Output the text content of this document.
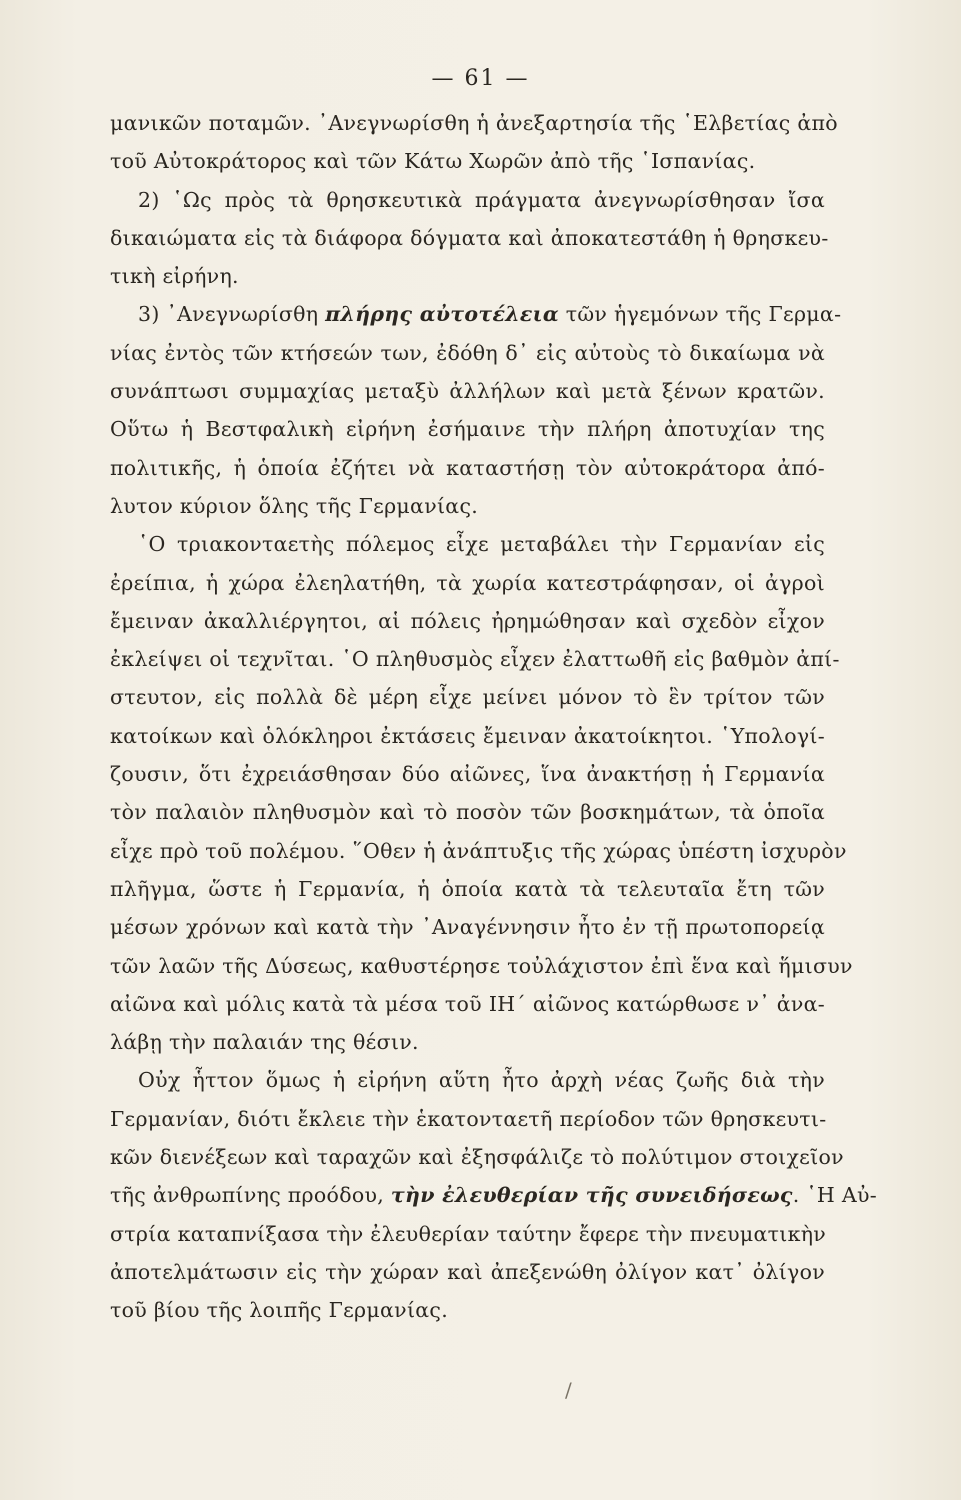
— 61 —
μανικῶν ποταμῶν. ᾿Ανεγνωρίσθη ἡ ἀνεξαρτησία τῆς ῾Ελβετίας ἀπὸ
τοῦ Αὐτοκράτορος καὶ τῶν Κάτω Χωρῶν ἀπὸ τῆς ῾Ισπανίας.
2) ῾Ως πρὸς τὰ θρησκευτικὰ πράγματα ἀνεγνωρίσθησαν ἴσα
δικαιώματα εἰς τὰ διάφορα δόγματα καὶ ἀποκατεστάθη ἡ θρησκευ-
τικὴ εἰρήνη.
3) ᾿Ανεγνωρίσθη πλήρης αὐτοτέλεια τῶν ἡγεμόνων τῆς Γερμα-
νίας ἐντὸς τῶν κτήσεών των, ἐδόθη δ᾿ εἰς αὐτοὺς τὸ δικαίωμα νὰ
συνάπτωσι συμμαχίας μεταξὺ ἀλλήλων καὶ μετὰ ξένων κρατῶν.
Οὕτω ἡ Βεστφαλικὴ εἰρήνη ἐσήμαινε τὴν πλήρη ἀποτυχίαν της
πολιτικῆς, ἡ ὁποία ἐζήτει νὰ καταστήσῃ τὸν αὐτοκράτορα ἀπό-
λυτον κύριον ὅλης τῆς Γερμανίας.
῾Ο τριακονταετὴς πόλεμος εἶχε μεταβάλει τὴν Γερμανίαν εἰς
ἐρείπια, ἡ χώρα ἐλεηλατήθη, τὰ χωρία κατεστράφησαν, οἱ ἀγροὶ
ἔμειναν ἀκαλλιέργητοι, αἱ πόλεις ἠρημώθησαν καὶ σχεδὸν εἶχον
ἐκλείψει οἱ τεχνῖται. ῾Ο πληθυσμὸς εἶχεν ἐλαττωθῆ εἰς βαθμὸν ἀπί-
στευτον, εἰς πολλὰ δὲ μέρη εἶχε μείνει μόνον τὸ ἓν τρίτον τῶν
κατοίκων καὶ ὁλόκληροι ἐκτάσεις ἔμειναν ἀκατοίκητοι. ῾Υπολογί-
ζουσιν, ὅτι ἐχρειάσθησαν δύο αἰῶνες, ἵνα ἀνακτήσῃ ἡ Γερμανία
τὸν παλαιὸν πληθυσμὸν καὶ τὸ ποσὸν τῶν βοσκημάτων, τὰ ὁποῖα
εἶχε πρὸ τοῦ πολέμου. ῞Οθεν ἡ ἀνάπτυξις τῆς χώρας ὑπέστη ἰσχυρὸν
πλῆγμα, ὥστε ἡ Γερμανία, ἡ ὁποία κατὰ τὰ τελευταῖα ἔτη τῶν
μέσων χρόνων καὶ κατὰ τὴν ᾿Αναγέννησιν ἦτο ἐν τῇ πρωτοπορείᾳ
τῶν λαῶν τῆς Δύσεως, καθυστέρησε τοὐλάχιστον ἐπὶ ἕνα καὶ ἥμισυν
αἰῶνα καὶ μόλις κατὰ τὰ μέσα τοῦ ΙΗ´ αἰῶνος κατώρθωσε ν᾿ ἀνα-
λάβῃ τὴν παλαιάν της θέσιν.
Οὐχ ἧττον ὅμως ἡ εἰρήνη αὕτη ἦτο ἀρχὴ νέας ζωῆς διὰ τὴν
Γερμανίαν, διότι ἔκλειε τὴν ἑκατονταετῆ περίοδον τῶν θρησκευτι-
κῶν διενέξεων καὶ ταραχῶν καὶ ἐξησφάλιζε τὸ πολύτιμον στοιχεῖον
τῆς ἀνθρωπίνης προόδου, τὴν ἐλευθερίαν τῆς συνειδήσεως. ῾Η Αὐ-
στρία καταπνίξασα τὴν ἐλευθερίαν ταύτην ἔφερε τὴν πνευματικὴν
ἀποτελμάτωσιν εἰς τὴν χώραν καὶ ἀπεξενώθη ὀλίγον κατ᾿ ὀλίγον
τοῦ βίου τῆς λοιπῆς Γερμανίας.
/
